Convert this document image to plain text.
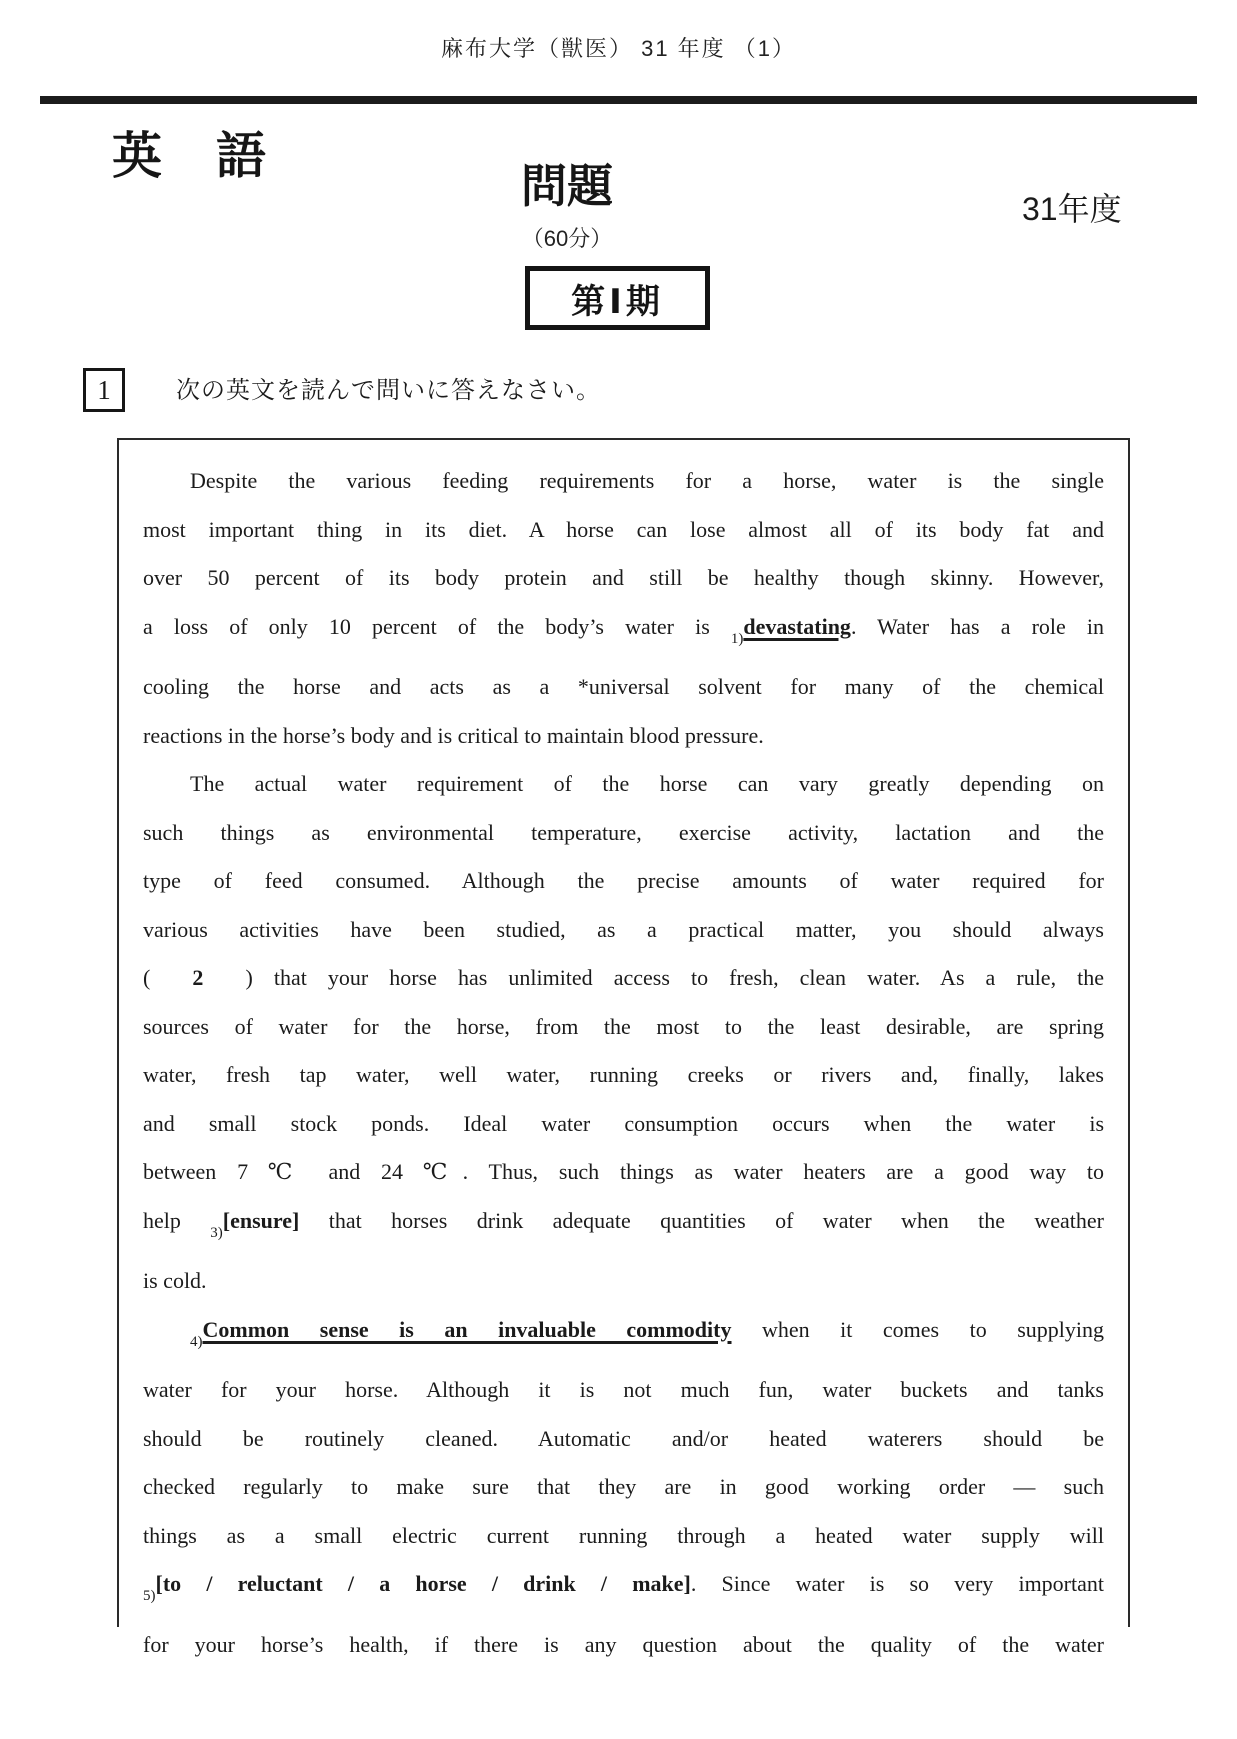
麻布大学（獣医） 31 年度 （1）
英　語
問題
（60分）
31年度
第Ⅰ期
1	次の英文を読んで問いに答えなさい。
Despite the various feeding requirements for a horse, water is the single
most important thing in its diet. A horse can lose almost all of its body fat and
over 50 percent of its body protein and still be healthy though skinny. However,
a loss of only 10 percent of the body’s water is $_{1)}$devastating. Water has a role in
cooling the horse and acts as a *universal solvent for many of the chemical
reactions in the horse’s body and is critical to maintain blood pressure.
The actual water requirement of the horse can vary greatly depending on
such things as environmental temperature, exercise activity, lactation and the
type of feed consumed. Although the precise amounts of water required for
various activities have been studied, as a practical matter, you should always
(  2  ) that your horse has unlimited access to fresh, clean water. As a rule, the
sources of water for the horse, from the most to the least desirable, are spring
water, fresh tap water, well water, running creeks or rivers and, finally, lakes
and small stock ponds. Ideal water consumption occurs when the water is
between 7 ℃ and 24 ℃. Thus, such things as water heaters are a good way to
help $_{3)}$[ensure] that horses drink adequate quantities of water when the weather
is cold.
$_{4)}$Common sense is an invaluable commodity when it comes to supplying
water for your horse. Although it is not much fun, water buckets and tanks
should be routinely cleaned. Automatic and/or heated waterers should be
checked regularly to make sure that they are in good working order — such
things as a small electric current running through a heated water supply will
$_{5)}$[to / reluctant / a horse / drink / make]. Since water is so very important
for your horse’s health, if there is any question about the quality of the water
